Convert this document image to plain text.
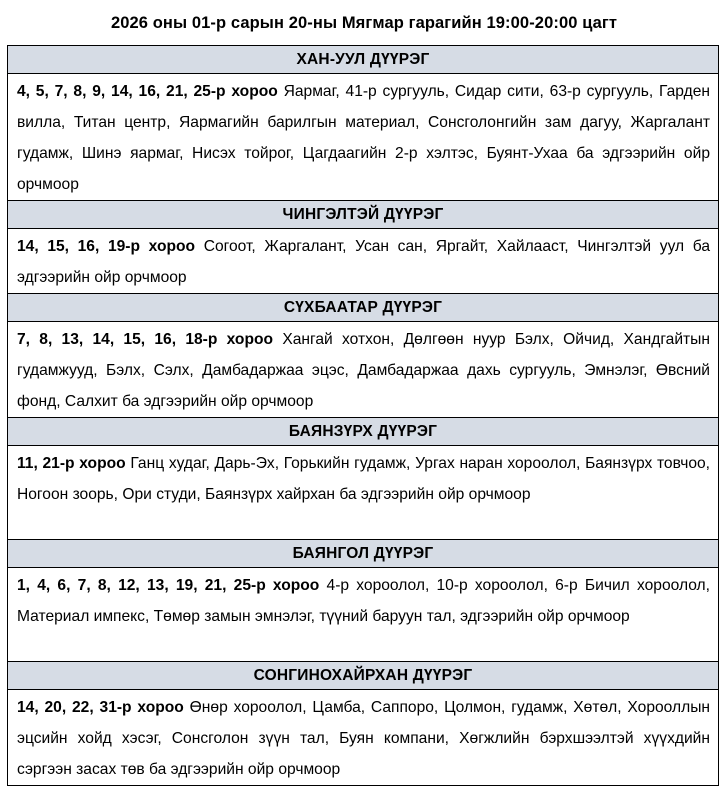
2026 оны 01-р сарын 20-ны Мягмар гарагийн 19:00-20:00 цагт
ХАН-УУЛ ДҮҮРЭГ
4, 5, 7, 8, 9, 14, 16, 21, 25-р хороо Яармаг, 41-р сургууль, Сидар сити, 63-р сургууль, Гарден вилла, Титан центр, Яармагийн барилгын материал, Сонсголонгийн зам дагуу, Жаргалант гудамж, Шинэ яармаг, Нисэх тойрог, Цагдаагийн 2-р хэлтэс, Буянт-Ухаа ба эдгээрийн ойр орчмоор
ЧИНГЭЛТЭЙ ДҮҮРЭГ
14, 15, 16, 19-р хороо Согоот, Жаргалант, Усан сан, Яргайт, Хайлааст, Чингэлтэй уул ба эдгээрийн ойр орчмоор
СҮХБААТАР ДҮҮРЭГ
7, 8, 13, 14, 15, 16, 18-р хороо Хангай хотхон, Дөлгөөн нуур Бэлх, Ойчид, Хандгайтын гудамжууд, Бэлх, Сэлх, Дамбадаржаа эцэс, Дамбадаржаа дахь сургууль, Эмнэлэг, Өвсний фонд, Салхит ба эдгээрийн ойр орчмоор
БАЯНЗҮРХ ДҮҮРЭГ
11, 21-р хороо Ганц худаг, Дарь-Эх, Горькийн гудамж, Ургах наран хороолол, Баянзүрх товчоо, Ногоон зоорь, Ори студи, Баянзүрх хайрхан ба эдгээрийн ойр орчмоор
БАЯНГОЛ ДҮҮРЭГ
1, 4, 6, 7, 8, 12, 13, 19, 21, 25-р хороо 4-р хороолол, 10-р хороолол, 6-р Бичил хороолол, Материал импекс, Төмөр замын эмнэлэг, түүний баруун тал, эдгээрийн ойр орчмоор
СОНГИНОХАЙРХАН ДҮҮРЭГ
14, 20, 22, 31-р хороо Өнөр хороолол, Цамба, Саппоро, Цолмон, гудамж, Хөтөл, Хорооллын эцсийн хойд хэсэг, Сонсголон зүүн тал, Буян компани, Хөгжлийн бэрхшээлтэй хүүхдийн сэргээн засах төв ба эдгээрийн ойр орчмоор
